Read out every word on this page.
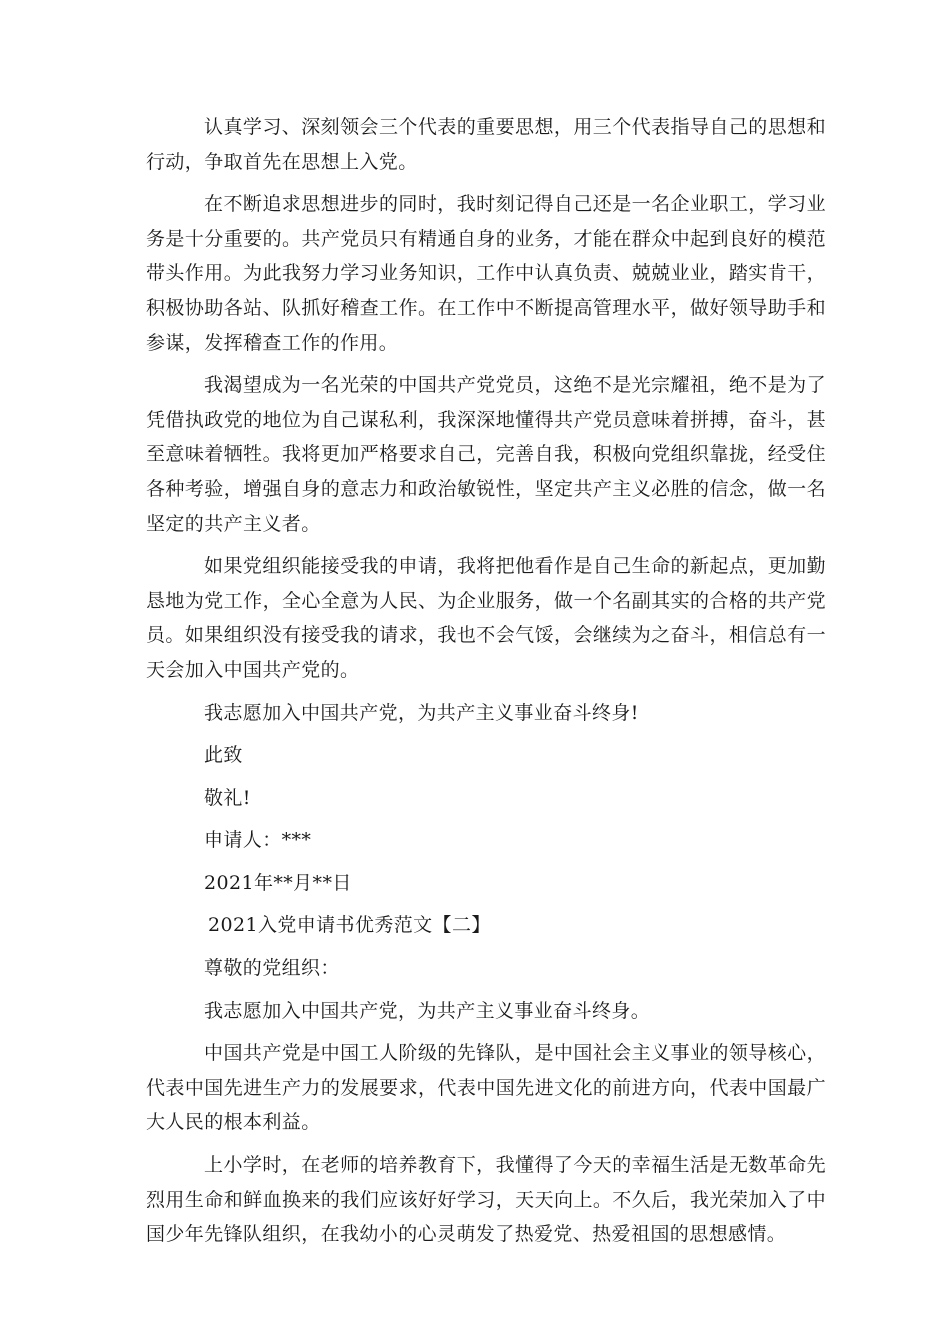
认真学习、深刻领会三个代表的重要思想，用三个代表指导自己的思想和行动，争取首先在思想上入党。

在不断追求思想进步的同时，我时刻记得自己还是一名企业职工，学习业务是十分重要的。共产党员只有精通自身的业务，才能在群众中起到良好的模范带头作用。为此我努力学习业务知识，工作中认真负责、兢兢业业，踏实肯干，积极协助各站、队抓好稽查工作。在工作中不断提高管理水平，做好领导助手和参谋，发挥稽查工作的作用。

我渴望成为一名光荣的中国共产党党员，这绝不是光宗耀祖，绝不是为了凭借执政党的地位为自己谋私利，我深深地懂得共产党员意味着拼搏，奋斗，甚至意味着牺牲。我将更加严格要求自己，完善自我，积极向党组织靠拢，经受住各种考验，增强自身的意志力和政治敏锐性，坚定共产主义必胜的信念，做一名坚定的共产主义者。

如果党组织能接受我的申请，我将把他看作是自己生命的新起点，更加勤恳地为党工作，全心全意为人民、为企业服务，做一个名副其实的合格的共产党员。如果组织没有接受我的请求，我也不会气馁，会继续为之奋斗，相信总有一天会加入中国共产党的。

我志愿加入中国共产党，为共产主义事业奋斗终身!

此致

敬礼!

申请人：***

2021年**月**日

2021入党申请书优秀范文【二】

尊敬的党组织：

我志愿加入中国共产党，为共产主义事业奋斗终身。

中国共产党是中国工人阶级的先锋队，是中国社会主义事业的领导核心，代表中国先进生产力的发展要求，代表中国先进文化的前进方向，代表中国最广大人民的根本利益。

上小学时，在老师的培养教育下，我懂得了今天的幸福生活是无数革命先烈用生命和鲜血换来的我们应该好好学习，天天向上。不久后，我光荣加入了中国少年先锋队组织，在我幼小的心灵萌发了热爱党、热爱祖国的思想感情。
